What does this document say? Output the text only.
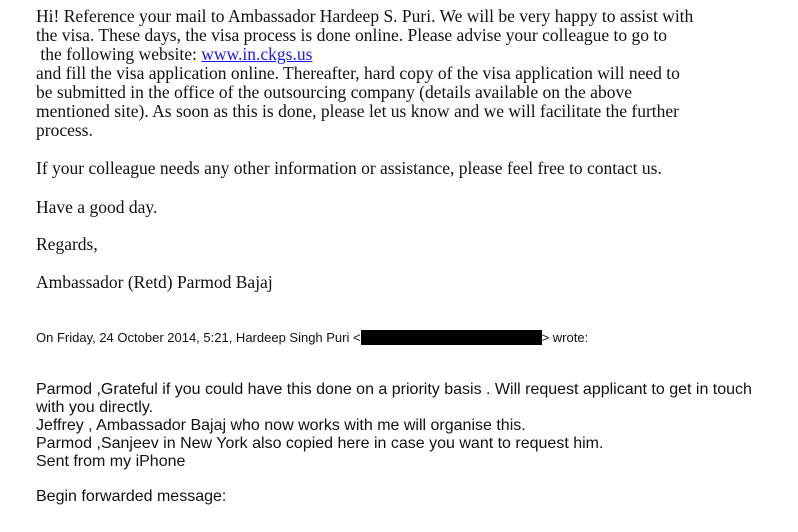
Hi! Reference your mail to Ambassador Hardeep S. Puri. We will be very happy to assist with
the visa. These days, the visa process is done online. Please advise your colleague to go to
the following website: www.in.ckgs.us
and fill the visa application online. Thereafter, hard copy of the visa application will need to
be submitted in the office of the outsourcing company (details available on the above
mentioned site). As soon as this is done, please let us know and we will facilitate the further
process.
If your colleague needs any other information or assistance, please feel free to contact us.
Have a good day.
Regards,
Ambassador (Retd) Parmod Bajaj
On Friday, 24 October 2014, 5:21, Hardeep Singh Puri <	> wrote:
Parmod ,Grateful if you could have this done on a priority basis . Will request applicant to get in touch
with you directly.
Jeffrey , Ambassador Bajaj who now works with me will organise this.
Parmod ,Sanjeev in New York also copied here in case you want to request him.
Sent from my iPhone
Begin forwarded message:
